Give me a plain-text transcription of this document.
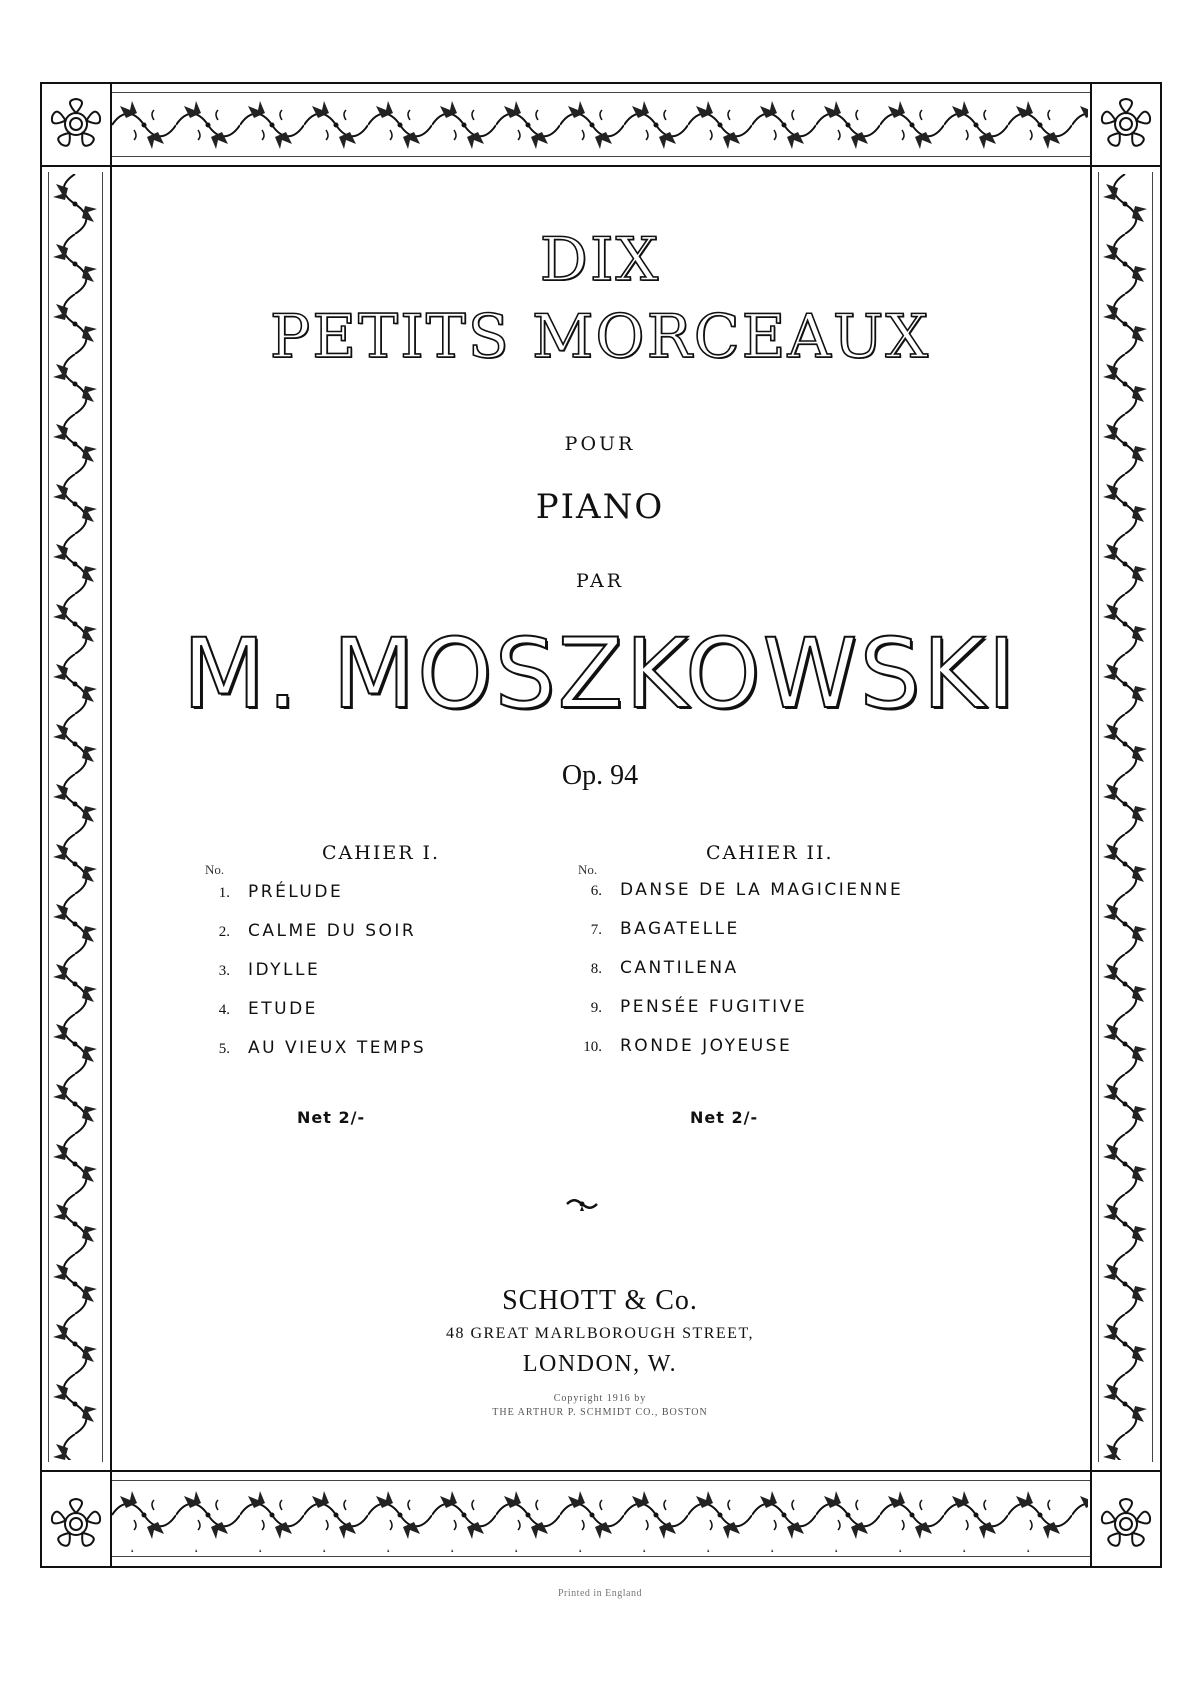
DIX
PETITS MORCEAUX
POUR
PIANO
PAR
M. MOSZKOWSKI
Op. 94
CAHIER I.
No.
1. PRÉLUDE
2. CALME DU SOIR
3. IDYLLE
4. ETUDE
5. AU VIEUX TEMPS
Net 2/-
CAHIER II.
No.
6. DANSE DE LA MAGICIENNE
7. BAGATELLE
8. CANTILENA
9. PENSÉE FUGITIVE
10. RONDE JOYEUSE
Net 2/-
SCHOTT & Co.
48 GREAT MARLBOROUGH STREET,
LONDON, W.
Copyright 1916 by
THE ARTHUR P. SCHMIDT CO., BOSTON
Printed in England
